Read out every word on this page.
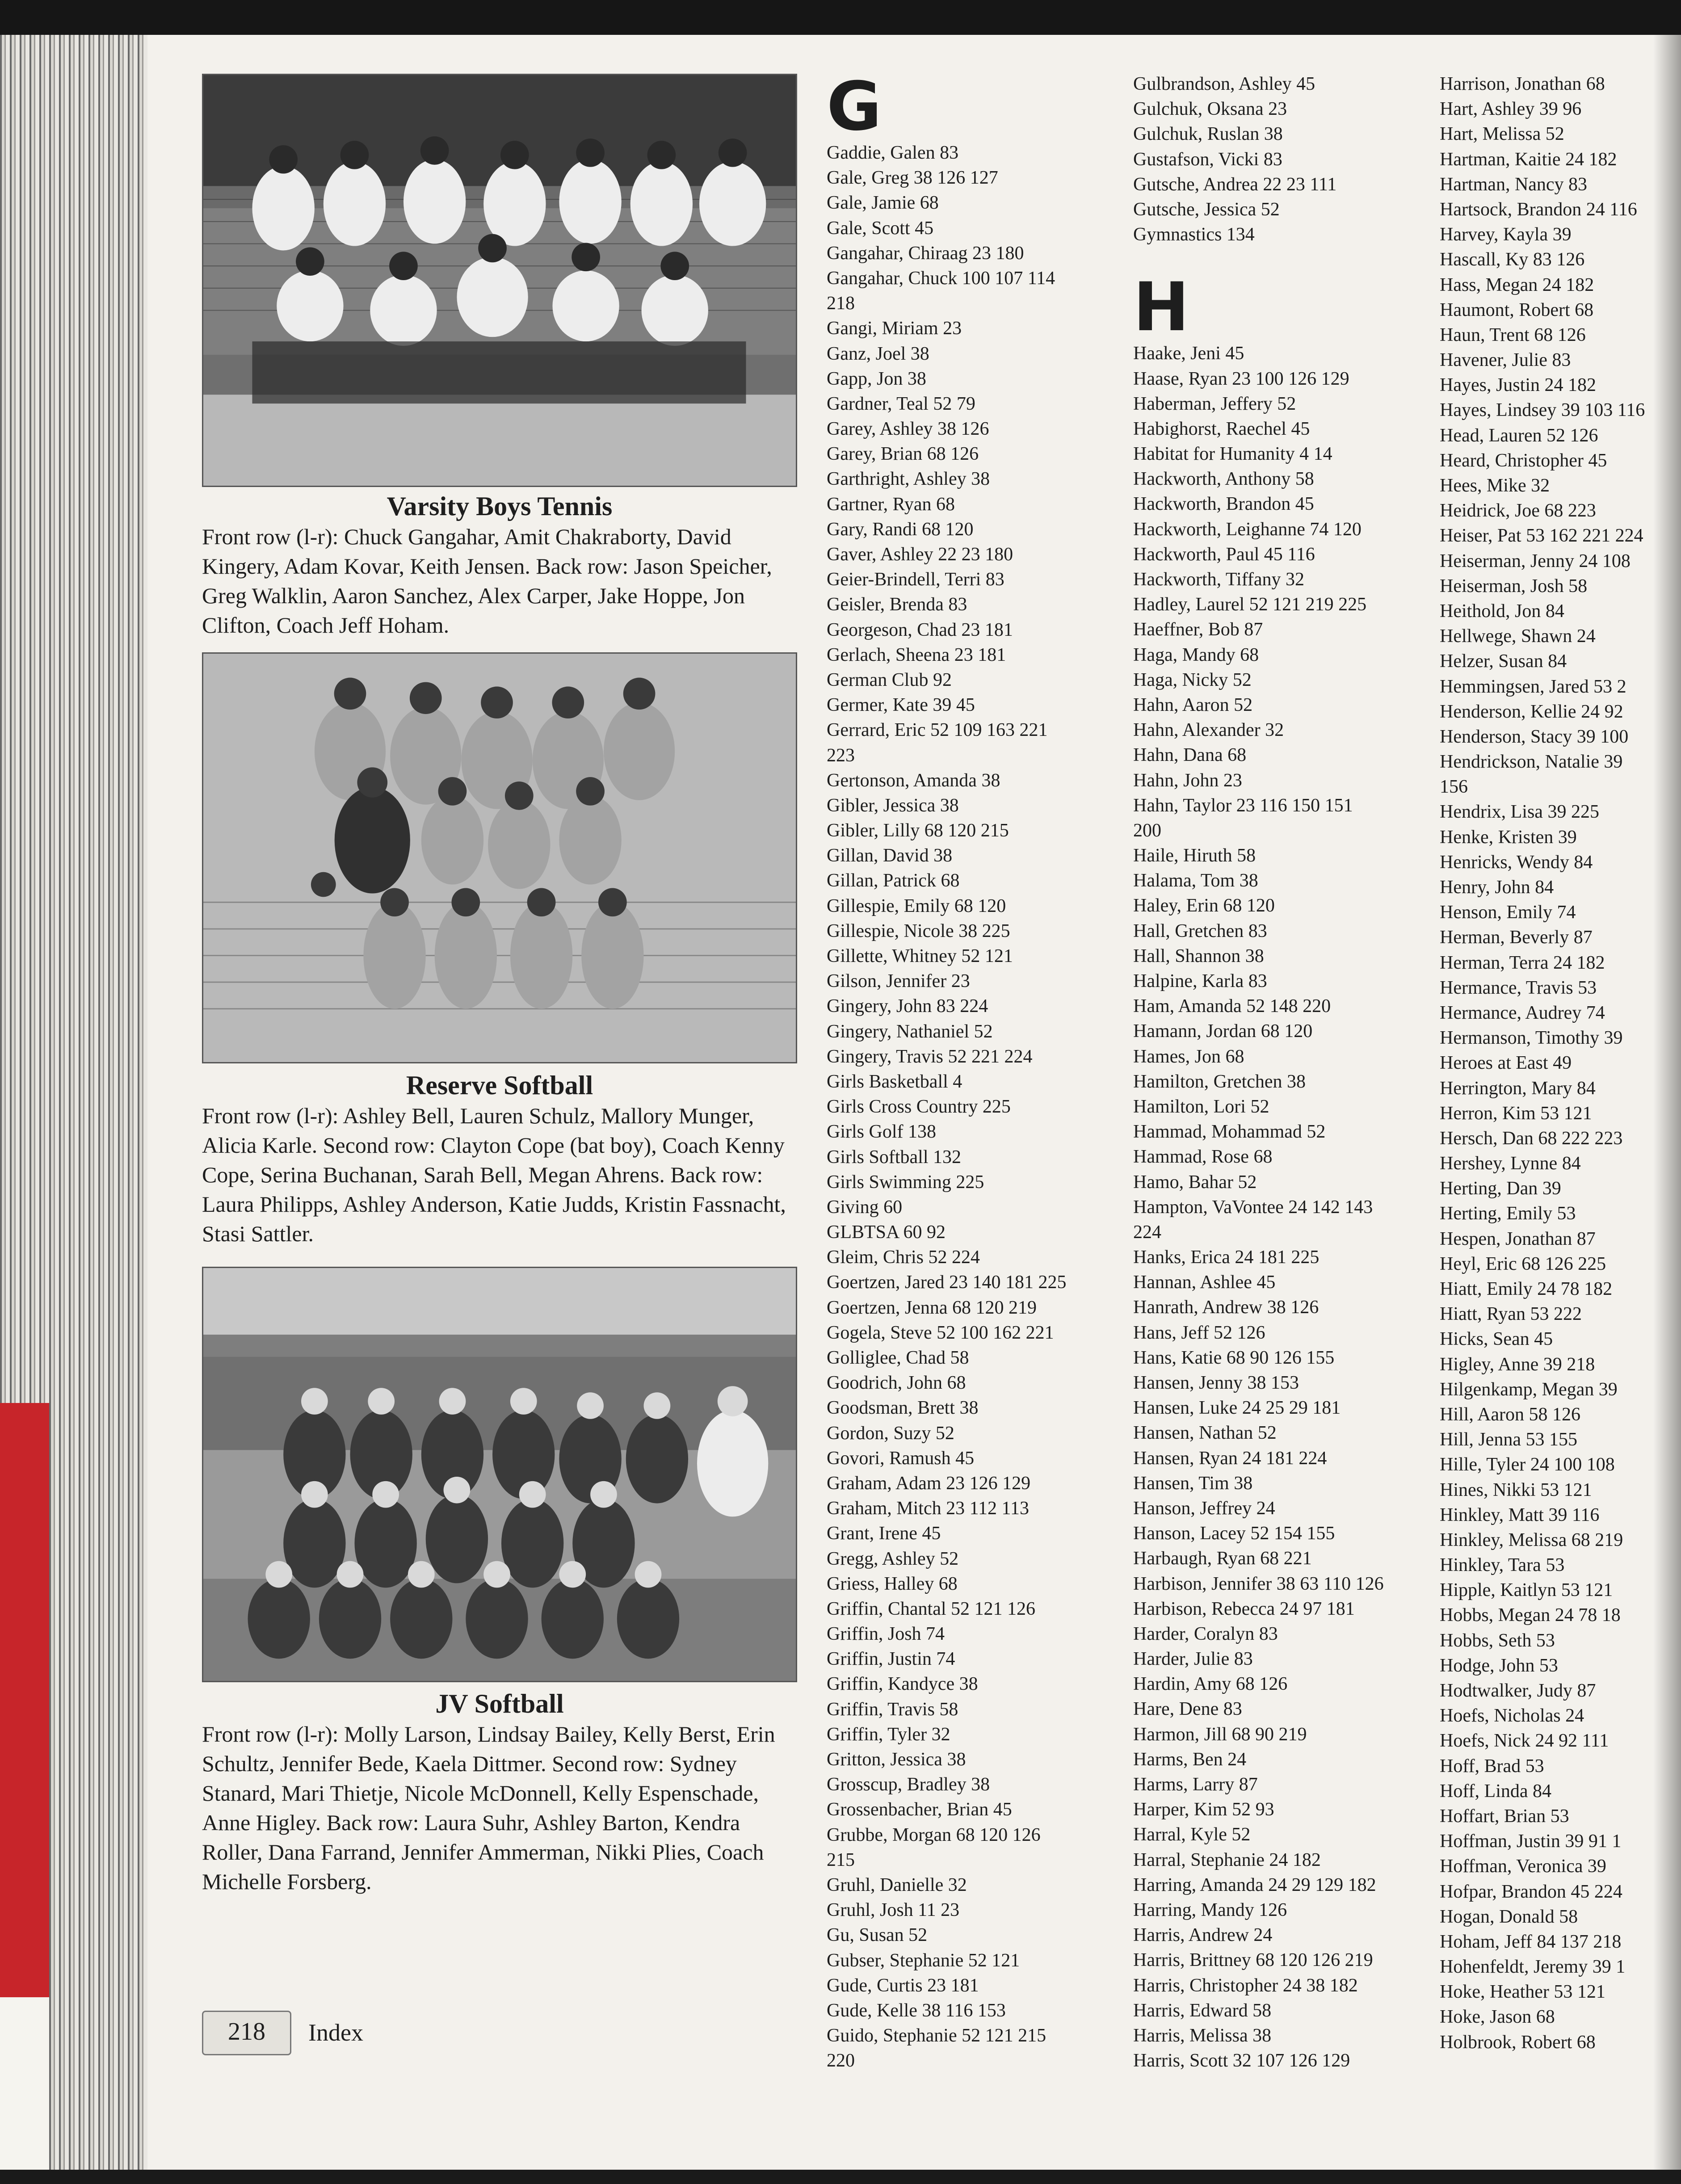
Varsity Boys Tennis
Front row (l-r): Chuck Gangahar, Amit Chakraborty, David Kingery, Adam Kovar, Keith Jensen. Back row: Jason Speicher, Greg Walklin, Aaron Sanchez, Alex Carper, Jake Hoppe, Jon Clifton, Coach Jeff Hoham.
Reserve Softball
Front row (l-r): Ashley Bell, Lauren Schulz, Mallory Munger, Alicia Karle. Second row: Clayton Cope (bat boy), Coach Kenny Cope, Serina Buchanan, Sarah Bell, Megan Ahrens. Back row: Laura Philipps, Ashley Anderson, Katie Judds, Kristin Fassnacht, Stasi Sattler.
JV Softball
Front row (l-r): Molly Larson, Lindsay Bailey, Kelly Berst, Erin Schultz, Jennifer Bede, Kaela Dittmer. Second row: Sydney Stanard, Mari Thietje, Nicole McDonnell, Kelly Espenschade, Anne Higley. Back row: Laura Suhr, Ashley Barton, Kendra Roller, Dana Farrand, Jennifer Ammerman, Nikki Plies, Coach Michelle Forsberg.
218	Index
G
Gaddie, Galen 83
Gale, Greg 38 126 127
Gale, Jamie 68
Gale, Scott 45
Gangahar, Chiraag 23 180
Gangahar, Chuck 100 107 114
218
Gangi, Miriam 23
Ganz, Joel 38
Gapp, Jon 38
Gardner, Teal 52 79
Garey, Ashley 38 126
Garey, Brian 68 126
Garthright, Ashley 38
Gartner, Ryan 68
Gary, Randi 68 120
Gaver, Ashley 22 23 180
Geier-Brindell, Terri 83
Geisler, Brenda 83
Georgeson, Chad 23 181
Gerlach, Sheena 23 181
German Club 92
Germer, Kate 39 45
Gerrard, Eric 52 109 163 221
223
Gertonson, Amanda 38
Gibler, Jessica 38
Gibler, Lilly 68 120 215
Gillan, David 38
Gillan, Patrick 68
Gillespie, Emily 68 120
Gillespie, Nicole 38 225
Gillette, Whitney 52 121
Gilson, Jennifer 23
Gingery, John 83 224
Gingery, Nathaniel 52
Gingery, Travis 52 221 224
Girls Basketball 4
Girls Cross Country 225
Girls Golf 138
Girls Softball 132
Girls Swimming 225
Giving 60
GLBTSA 60 92
Gleim, Chris 52 224
Goertzen, Jared 23 140 181 225
Goertzen, Jenna 68 120 219
Gogela, Steve 52 100 162 221
Golliglee, Chad 58
Goodrich, John 68
Goodsman, Brett 38
Gordon, Suzy 52
Govori, Ramush 45
Graham, Adam 23 126 129
Graham, Mitch 23 112 113
Grant, Irene 45
Gregg, Ashley 52
Griess, Halley 68
Griffin, Chantal 52 121 126
Griffin, Josh 74
Griffin, Justin 74
Griffin, Kandyce 38
Griffin, Travis 58
Griffin, Tyler 32
Gritton, Jessica 38
Grosscup, Bradley 38
Grossenbacher, Brian 45
Grubbe, Morgan 68 120 126
215
Gruhl, Danielle 32
Gruhl, Josh 11 23
Gu, Susan 52
Gubser, Stephanie 52 121
Gude, Curtis 23 181
Gude, Kelle 38 116 153
Guido, Stephanie 52 121 215
220
Gulbrandson, Ashley 45
Gulchuk, Oksana 23
Gulchuk, Ruslan 38
Gustafson, Vicki 83
Gutsche, Andrea 22 23 111
Gutsche, Jessica 52
Gymnastics 134
H
Haake, Jeni 45
Haase, Ryan 23 100 126 129
Haberman, Jeffery 52
Habighorst, Raechel 45
Habitat for Humanity 4 14
Hackworth, Anthony 58
Hackworth, Brandon 45
Hackworth, Leighanne 74 120
Hackworth, Paul 45 116
Hackworth, Tiffany 32
Hadley, Laurel 52 121 219 225
Haeffner, Bob 87
Haga, Mandy 68
Haga, Nicky 52
Hahn, Aaron 52
Hahn, Alexander 32
Hahn, Dana 68
Hahn, John 23
Hahn, Taylor 23 116 150 151
200
Haile, Hiruth 58
Halama, Tom 38
Haley, Erin 68 120
Hall, Gretchen 83
Hall, Shannon 38
Halpine, Karla 83
Ham, Amanda 52 148 220
Hamann, Jordan 68 120
Hames, Jon 68
Hamilton, Gretchen 38
Hamilton, Lori 52
Hammad, Mohammad 52
Hammad, Rose 68
Hamo, Bahar 52
Hampton, VaVontee 24 142 143
224
Hanks, Erica 24 181 225
Hannan, Ashlee 45
Hanrath, Andrew 38 126
Hans, Jeff 52 126
Hans, Katie 68 90 126 155
Hansen, Jenny 38 153
Hansen, Luke 24 25 29 181
Hansen, Nathan 52
Hansen, Ryan 24 181 224
Hansen, Tim 38
Hanson, Jeffrey 24
Hanson, Lacey 52 154 155
Harbaugh, Ryan 68 221
Harbison, Jennifer 38 63 110 126
Harbison, Rebecca 24 97 181
Harder, Coralyn 83
Harder, Julie 83
Hardin, Amy 68 126
Hare, Dene 83
Harmon, Jill 68 90 219
Harms, Ben 24
Harms, Larry 87
Harper, Kim 52 93
Harral, Kyle 52
Harral, Stephanie 24 182
Harring, Amanda 24 29 129 182
Harring, Mandy 126
Harris, Andrew 24
Harris, Brittney 68 120 126 219
Harris, Christopher 24 38 182
Harris, Edward 58
Harris, Melissa 38
Harris, Scott 32 107 126 129
Harrison, Jonathan 68
Hart, Ashley 39 96
Hart, Melissa 52
Hartman, Kaitie 24 182
Hartman, Nancy 83
Hartsock, Brandon 24 116
Harvey, Kayla 39
Hascall, Ky 83 126
Hass, Megan 24 182
Haumont, Robert 68
Haun, Trent 68 126
Havener, Julie 83
Hayes, Justin 24 182
Hayes, Lindsey 39 103 116
Head, Lauren 52 126
Heard, Christopher 45
Hees, Mike 32
Heidrick, Joe 68 223
Heiser, Pat 53 162 221 224
Heiserman, Jenny 24 108
Heiserman, Josh 58
Heithold, Jon 84
Hellwege, Shawn 24
Helzer, Susan 84
Hemmingsen, Jared 53 2
Henderson, Kellie 24 92
Henderson, Stacy 39 100
Hendrickson, Natalie 39
156
Hendrix, Lisa 39 225
Henke, Kristen 39
Henricks, Wendy 84
Henry, John 84
Henson, Emily 74
Herman, Beverly 87
Herman, Terra 24 182
Hermance, Travis 53
Hermance, Audrey 74
Hermanson, Timothy 39
Heroes at East 49
Herrington, Mary 84
Herron, Kim 53 121
Hersch, Dan 68 222 223
Hershey, Lynne 84
Herting, Dan 39
Herting, Emily 53
Hespen, Jonathan 87
Heyl, Eric 68 126 225
Hiatt, Emily 24 78 182
Hiatt, Ryan 53 222
Hicks, Sean 45
Higley, Anne 39 218
Hilgenkamp, Megan 39
Hill, Aaron 58 126
Hill, Jenna 53 155
Hille, Tyler 24 100 108
Hines, Nikki 53 121
Hinkley, Matt 39 116
Hinkley, Melissa 68 219
Hinkley, Tara 53
Hipple, Kaitlyn 53 121
Hobbs, Megan 24 78 18
Hobbs, Seth 53
Hodge, John 53
Hodtwalker, Judy 87
Hoefs, Nicholas 24
Hoefs, Nick 24 92 111
Hoff, Brad 53
Hoff, Linda 84
Hoffart, Brian 53
Hoffman, Justin 39 91 1
Hoffman, Veronica 39
Hofpar, Brandon 45 224
Hogan, Donald 58
Hoham, Jeff 84 137 218
Hohenfeldt, Jeremy 39 1
Hoke, Heather 53 121
Hoke, Jason 68
Holbrook, Robert 68
